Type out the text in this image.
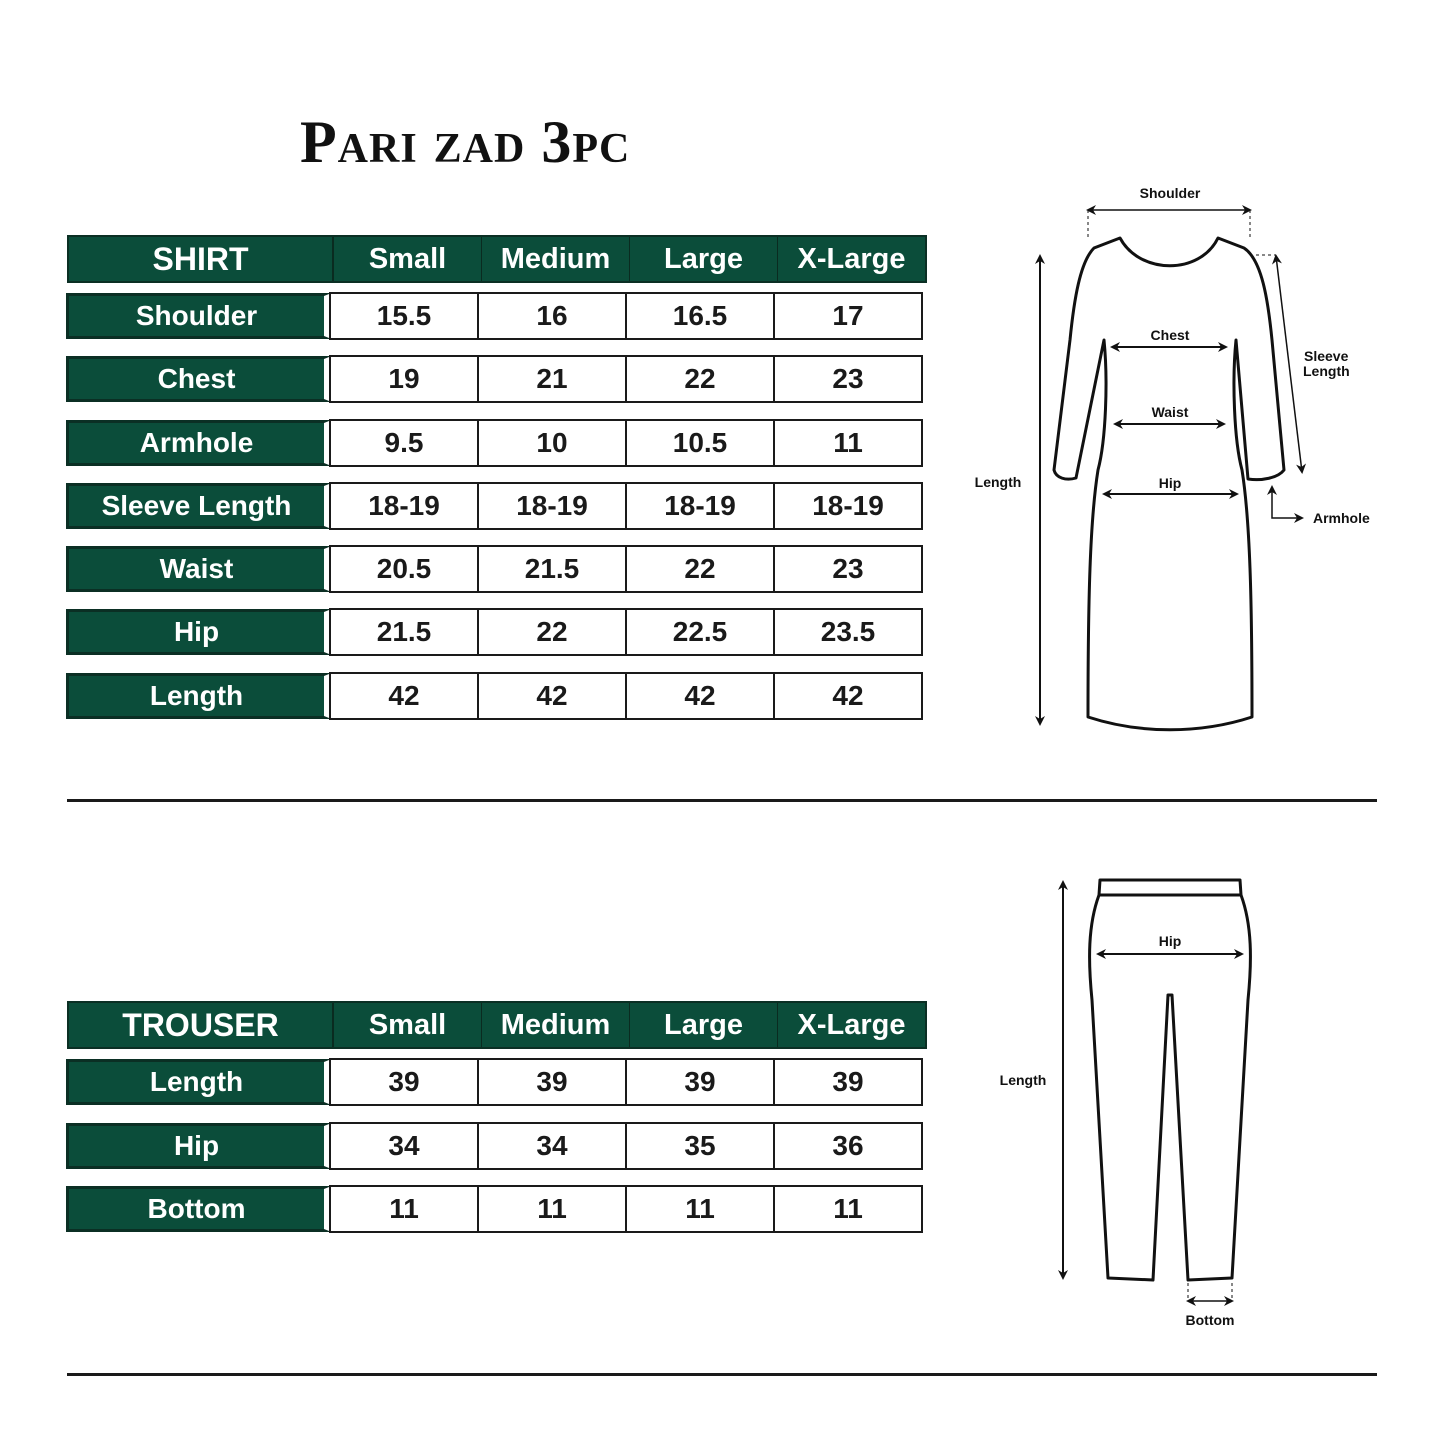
Pari zad 3pc
SHIRT	Small	Medium	Large	X-Large
Shoulder	15.5	16	16.5	17
Chest	19	21	22	23
Armhole	9.5	10	10.5	11
Sleeve Length	18-19	18-19	18-19	18-19
Waist	20.5	21.5	22	23
Hip	21.5	22	22.5	23.5
Length	42	42	42	42
TROUSER	Small	Medium	Large	X-Large
Length	39	39	39	39
Hip	34	34	35	36
Bottom	11	11	11	11
Shoulder
Chest
Waist
Hip
Length
Sleeve
Length
Armhole
Hip
Length
Bottom
